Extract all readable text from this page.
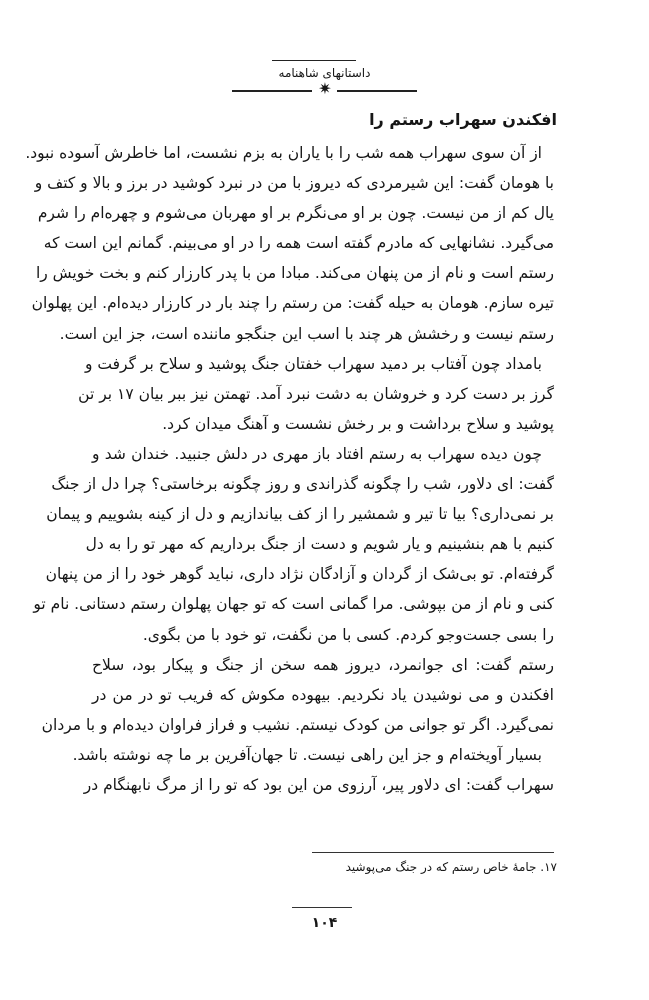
داستانهای شاهنامه
✷
افکندن سهراب رستم را
از آن سوی سهراب همه شب را با یاران به بزم نشست، اما خاطرش آسوده نبود.
با هومان گفت: این شیرمردی که دیروز با من در نبرد کوشید در برز و بالا و کتف و
یال کم از من نیست. چون بر او می‌نگرم بر او مهربان می‌شوم و چهره‌ام را شرم
می‌گیرد. نشانهایی که مادرم گفته است همه را در او می‌بینم. گمانم این است که
رستم است و نام از من پنهان می‌کند. مبادا من با پدر کارزار کنم و بخت خویش را
تیره سازم. هومان به حیله گفت: من رستم را چند بار در کارزار دیده‌ام. این پهلوان
رستم نیست و رخشش هر چند با اسب این جنگجو ماننده است، جز این است.
بامداد چون آفتاب بر دمید سهراب خفتان جنگ پوشید و سلاح بر گرفت و
گرز بر دست کرد و خروشان به دشت نبرد آمد. تهمتن نیز ببر بیان ۱۷ بر تن
پوشید و سلاح برداشت و بر رخش نشست و آهنگ میدان کرد.
چون دیده سهراب به رستم افتاد باز مهری در دلش جنبید. خندان شد و
گفت: ای دلاور، شب را چگونه گذراندی و روز چگونه برخاستی؟ چرا دل از جنگ
بر نمی‌داری؟ بیا تا تیر و شمشیر را از کف بیاندازیم و دل از کینه بشوییم و پیمان
کنیم با هم بنشینیم و یار شویم و دست از جنگ برداریم که مهر تو را به دل
گرفته‌ام. تو بی‌شک از گردان و آزادگان نژاد داری، نباید گوهر خود را از من پنهان
کنی و نام از من بپوشی. مرا گمانی است که تو جهان پهلوان رستم دستانی. نام تو
را بسی جست‌وجو کردم. کسی با من نگفت، تو خود با من بگوی.
رستم گفت: ای جوانمرد، دیروز همه سخن از جنگ و پیکار بود، سلاح
افکندن و می نوشیدن یاد نکردیم. بیهوده مکوش که فریب تو در من در
نمی‌گیرد. اگر تو جوانی من کودک نیستم. نشیب و فراز فراوان دیده‌ام و با مردان
بسیار آویخته‌ام و جز این راهی نیست. تا جهان‌آفرین بر ما چه نوشته باشد.
سهراب گفت: ای دلاور پیر، آرزوی من این بود که تو را از مرگ نابهنگام در
۱۷. جامهٔ خاص رستم که در جنگ می‌پوشید
۱۰۴
